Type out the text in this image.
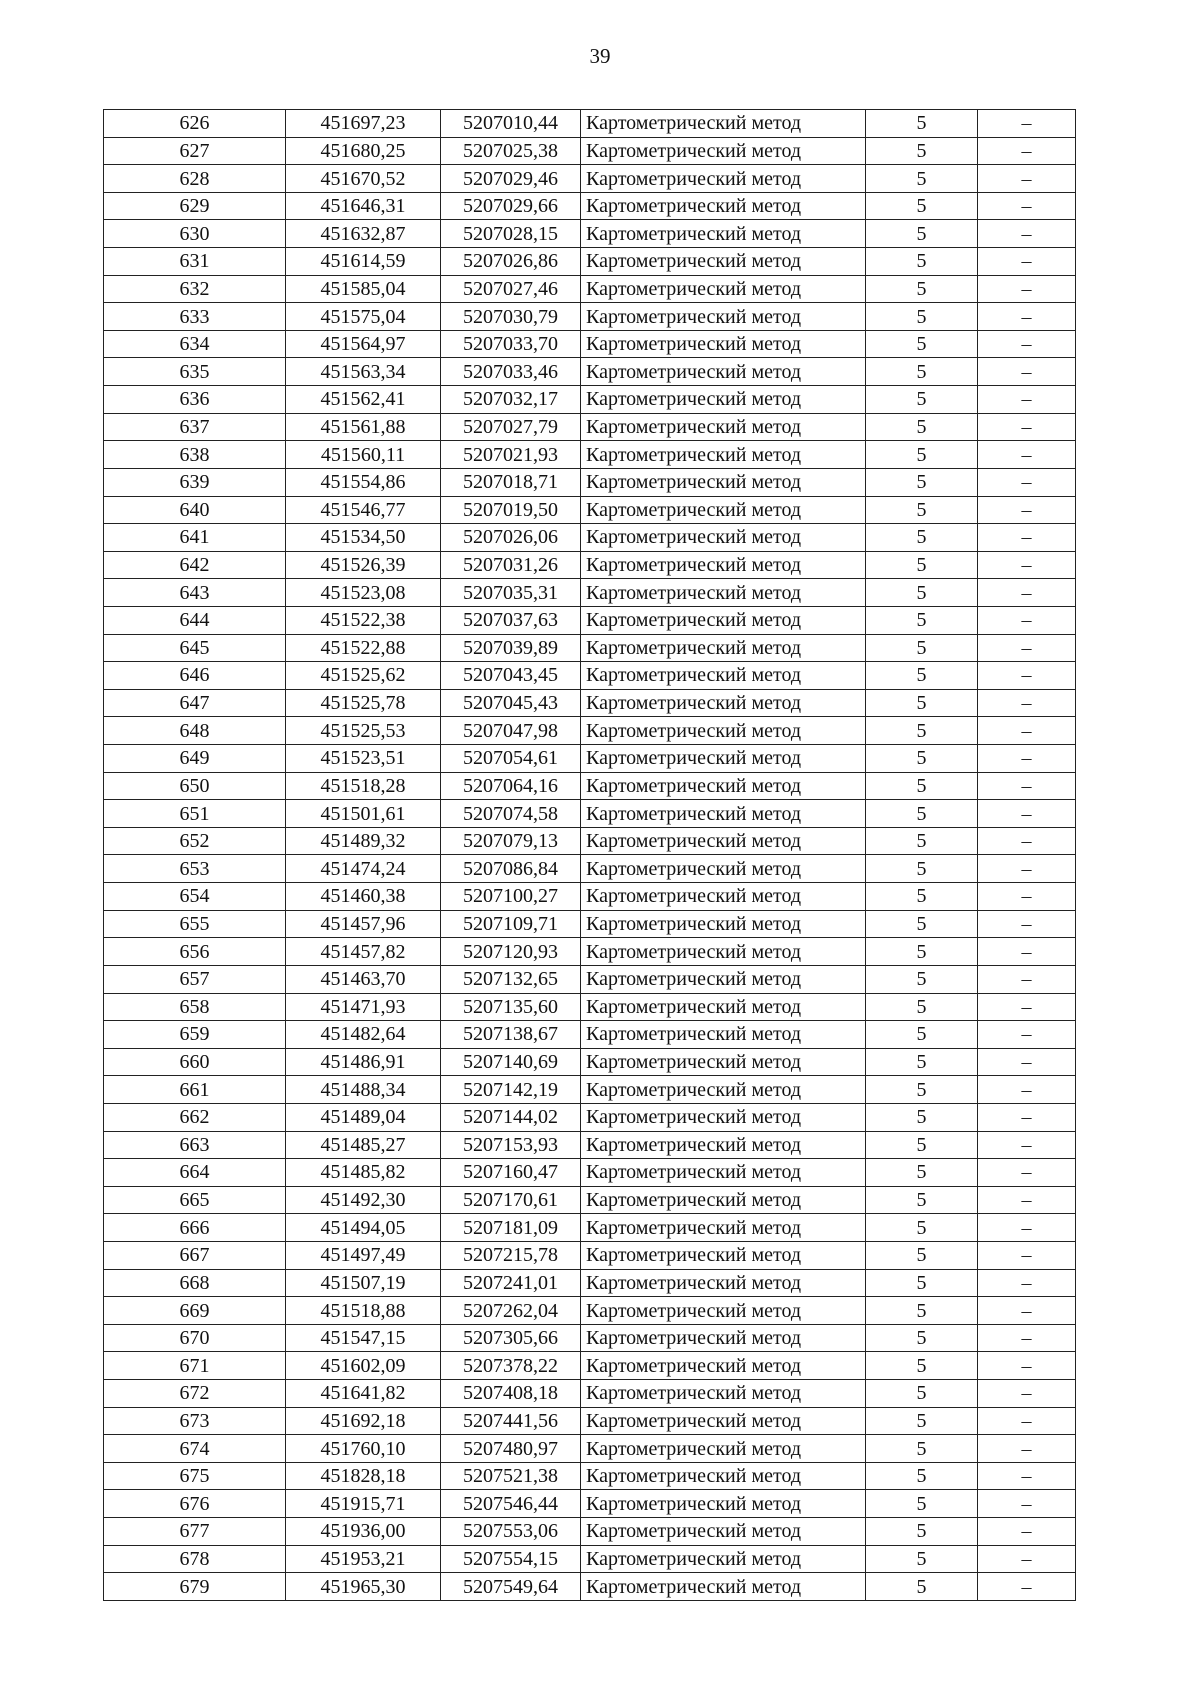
39
626	451697,23	5207010,44	Картометрический метод	5	–
627	451680,25	5207025,38	Картометрический метод	5	–
628	451670,52	5207029,46	Картометрический метод	5	–
629	451646,31	5207029,66	Картометрический метод	5	–
630	451632,87	5207028,15	Картометрический метод	5	–
631	451614,59	5207026,86	Картометрический метод	5	–
632	451585,04	5207027,46	Картометрический метод	5	–
633	451575,04	5207030,79	Картометрический метод	5	–
634	451564,97	5207033,70	Картометрический метод	5	–
635	451563,34	5207033,46	Картометрический метод	5	–
636	451562,41	5207032,17	Картометрический метод	5	–
637	451561,88	5207027,79	Картометрический метод	5	–
638	451560,11	5207021,93	Картометрический метод	5	–
639	451554,86	5207018,71	Картометрический метод	5	–
640	451546,77	5207019,50	Картометрический метод	5	–
641	451534,50	5207026,06	Картометрический метод	5	–
642	451526,39	5207031,26	Картометрический метод	5	–
643	451523,08	5207035,31	Картометрический метод	5	–
644	451522,38	5207037,63	Картометрический метод	5	–
645	451522,88	5207039,89	Картометрический метод	5	–
646	451525,62	5207043,45	Картометрический метод	5	–
647	451525,78	5207045,43	Картометрический метод	5	–
648	451525,53	5207047,98	Картометрический метод	5	–
649	451523,51	5207054,61	Картометрический метод	5	–
650	451518,28	5207064,16	Картометрический метод	5	–
651	451501,61	5207074,58	Картометрический метод	5	–
652	451489,32	5207079,13	Картометрический метод	5	–
653	451474,24	5207086,84	Картометрический метод	5	–
654	451460,38	5207100,27	Картометрический метод	5	–
655	451457,96	5207109,71	Картометрический метод	5	–
656	451457,82	5207120,93	Картометрический метод	5	–
657	451463,70	5207132,65	Картометрический метод	5	–
658	451471,93	5207135,60	Картометрический метод	5	–
659	451482,64	5207138,67	Картометрический метод	5	–
660	451486,91	5207140,69	Картометрический метод	5	–
661	451488,34	5207142,19	Картометрический метод	5	–
662	451489,04	5207144,02	Картометрический метод	5	–
663	451485,27	5207153,93	Картометрический метод	5	–
664	451485,82	5207160,47	Картометрический метод	5	–
665	451492,30	5207170,61	Картометрический метод	5	–
666	451494,05	5207181,09	Картометрический метод	5	–
667	451497,49	5207215,78	Картометрический метод	5	–
668	451507,19	5207241,01	Картометрический метод	5	–
669	451518,88	5207262,04	Картометрический метод	5	–
670	451547,15	5207305,66	Картометрический метод	5	–
671	451602,09	5207378,22	Картометрический метод	5	–
672	451641,82	5207408,18	Картометрический метод	5	–
673	451692,18	5207441,56	Картометрический метод	5	–
674	451760,10	5207480,97	Картометрический метод	5	–
675	451828,18	5207521,38	Картометрический метод	5	–
676	451915,71	5207546,44	Картометрический метод	5	–
677	451936,00	5207553,06	Картометрический метод	5	–
678	451953,21	5207554,15	Картометрический метод	5	–
679	451965,30	5207549,64	Картометрический метод	5	–
